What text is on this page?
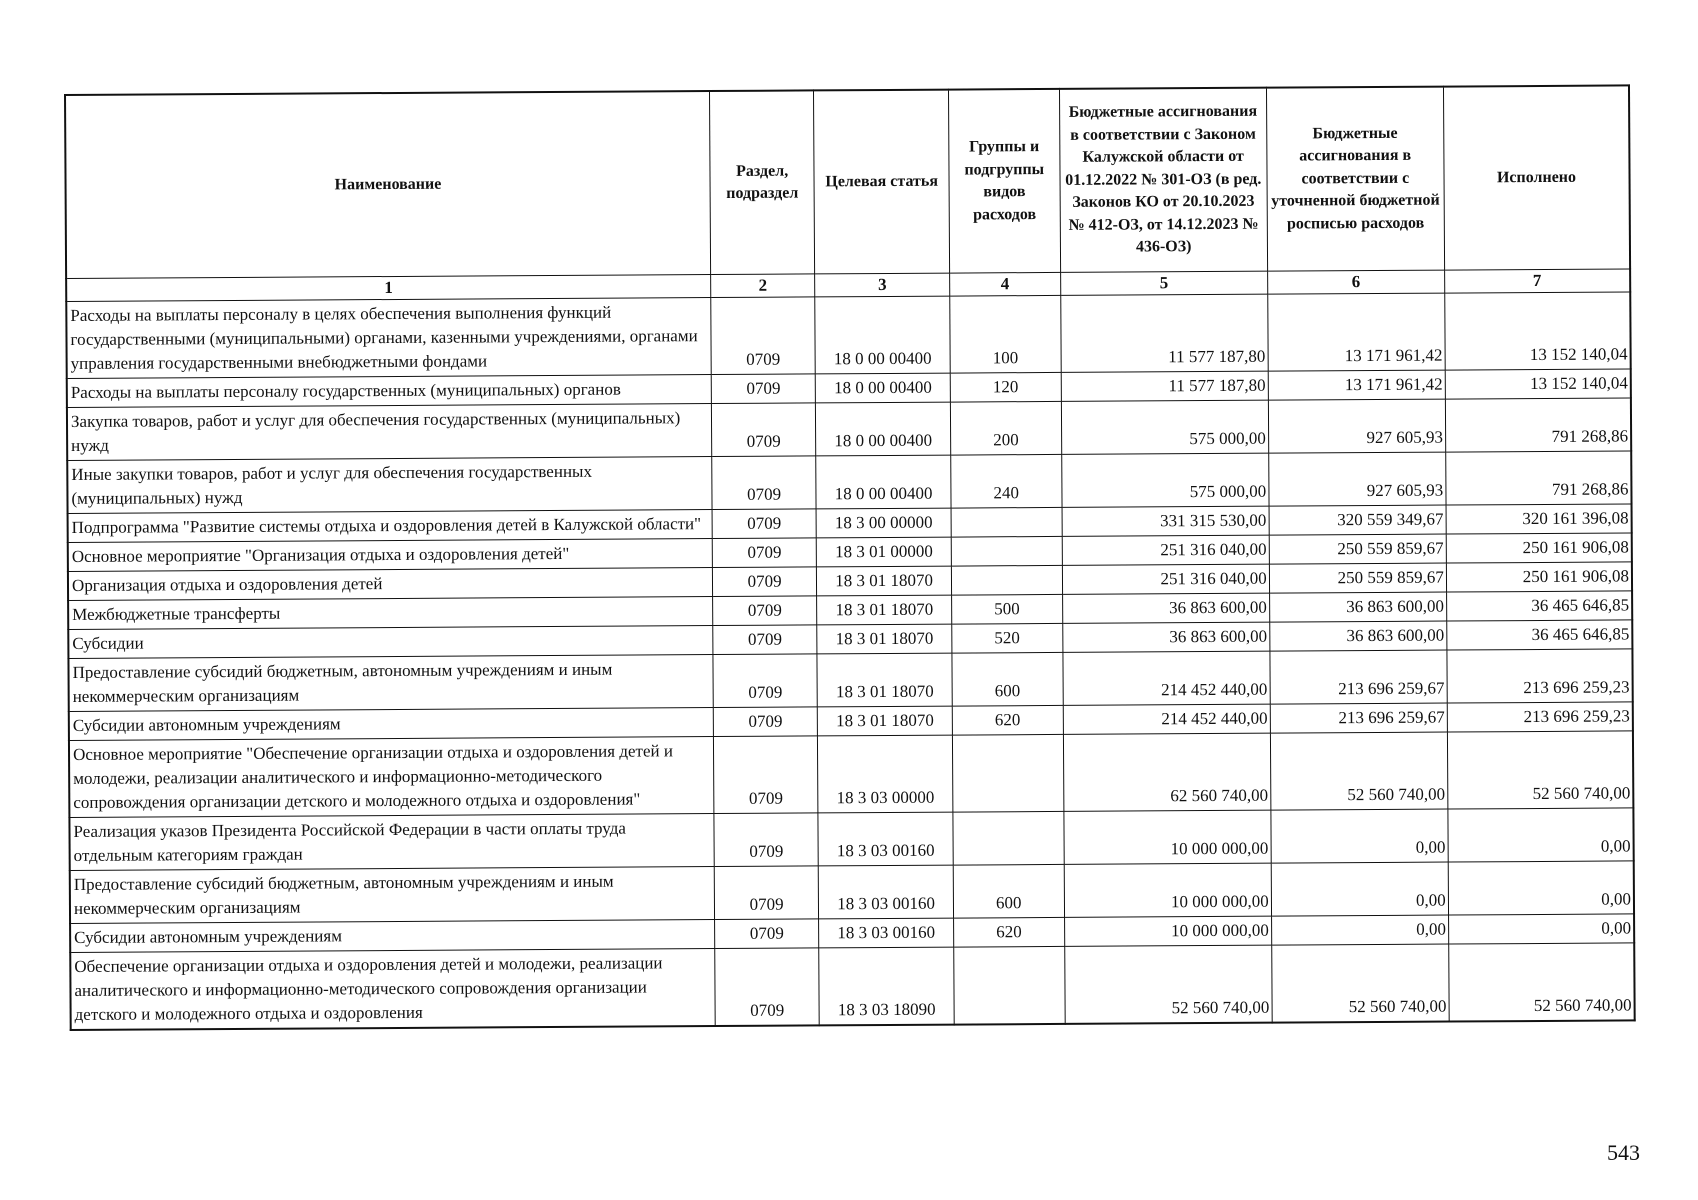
Наименование	Раздел, подраздел	Целевая статья	Группы и подгруппы видов расходов	Бюджетные ассигнования в соответствии с Законом Калужской области от 01.12.2022 № 301-ОЗ (в ред. Законов КО от 20.10.2023 № 412-ОЗ, от 14.12.2023 № 436-ОЗ)	Бюджетные ассигнования в соответствии с уточненной бюджетной росписью расходов	Исполнено
1	2	3	4	5	6	7
Расходы на выплаты персоналу в целях обеспечения выполнения функций государственными (муниципальными) органами, казенными учреждениями, органами управления государственными внебюджетными фондами	0709	18 0 00 00400	100	11 577 187,80	13 171 961,42	13 152 140,04
Расходы на выплаты персоналу государственных (муниципальных) органов	0709	18 0 00 00400	120	11 577 187,80	13 171 961,42	13 152 140,04
Закупка товаров, работ и услуг для обеспечения государственных (муниципальных) нужд	0709	18 0 00 00400	200	575 000,00	927 605,93	791 268,86
Иные закупки товаров, работ и услуг для обеспечения государственных (муниципальных) нужд	0709	18 0 00 00400	240	575 000,00	927 605,93	791 268,86
Подпрограмма "Развитие системы отдыха и оздоровления детей в Калужской области"	0709	18 3 00 00000		331 315 530,00	320 559 349,67	320 161 396,08
Основное мероприятие "Организация отдыха и оздоровления детей"	0709	18 3 01 00000		251 316 040,00	250 559 859,67	250 161 906,08
Организация отдыха и оздоровления детей	0709	18 3 01 18070		251 316 040,00	250 559 859,67	250 161 906,08
Межбюджетные трансферты	0709	18 3 01 18070	500	36 863 600,00	36 863 600,00	36 465 646,85
Субсидии	0709	18 3 01 18070	520	36 863 600,00	36 863 600,00	36 465 646,85
Предоставление субсидий бюджетным, автономным учреждениям и иным некоммерческим организациям	0709	18 3 01 18070	600	214 452 440,00	213 696 259,67	213 696 259,23
Субсидии автономным учреждениям	0709	18 3 01 18070	620	214 452 440,00	213 696 259,67	213 696 259,23
Основное мероприятие "Обеспечение организации отдыха и оздоровления детей и молодежи, реализации аналитического и информационно-методического сопровождения организации детского и молодежного отдыха и оздоровления"	0709	18 3 03 00000		62 560 740,00	52 560 740,00	52 560 740,00
Реализация указов Президента Российской Федерации в части оплаты труда отдельным категориям граждан	0709	18 3 03 00160		10 000 000,00	0,00	0,00
Предоставление субсидий бюджетным, автономным учреждениям и иным некоммерческим организациям	0709	18 3 03 00160	600	10 000 000,00	0,00	0,00
Субсидии автономным учреждениям	0709	18 3 03 00160	620	10 000 000,00	0,00	0,00
Обеспечение организации отдыха и оздоровления детей и молодежи, реализации аналитического и информационно-методического сопровождения организации детского и молодежного отдыха и оздоровления	0709	18 3 03 18090		52 560 740,00	52 560 740,00	52 560 740,00
543
